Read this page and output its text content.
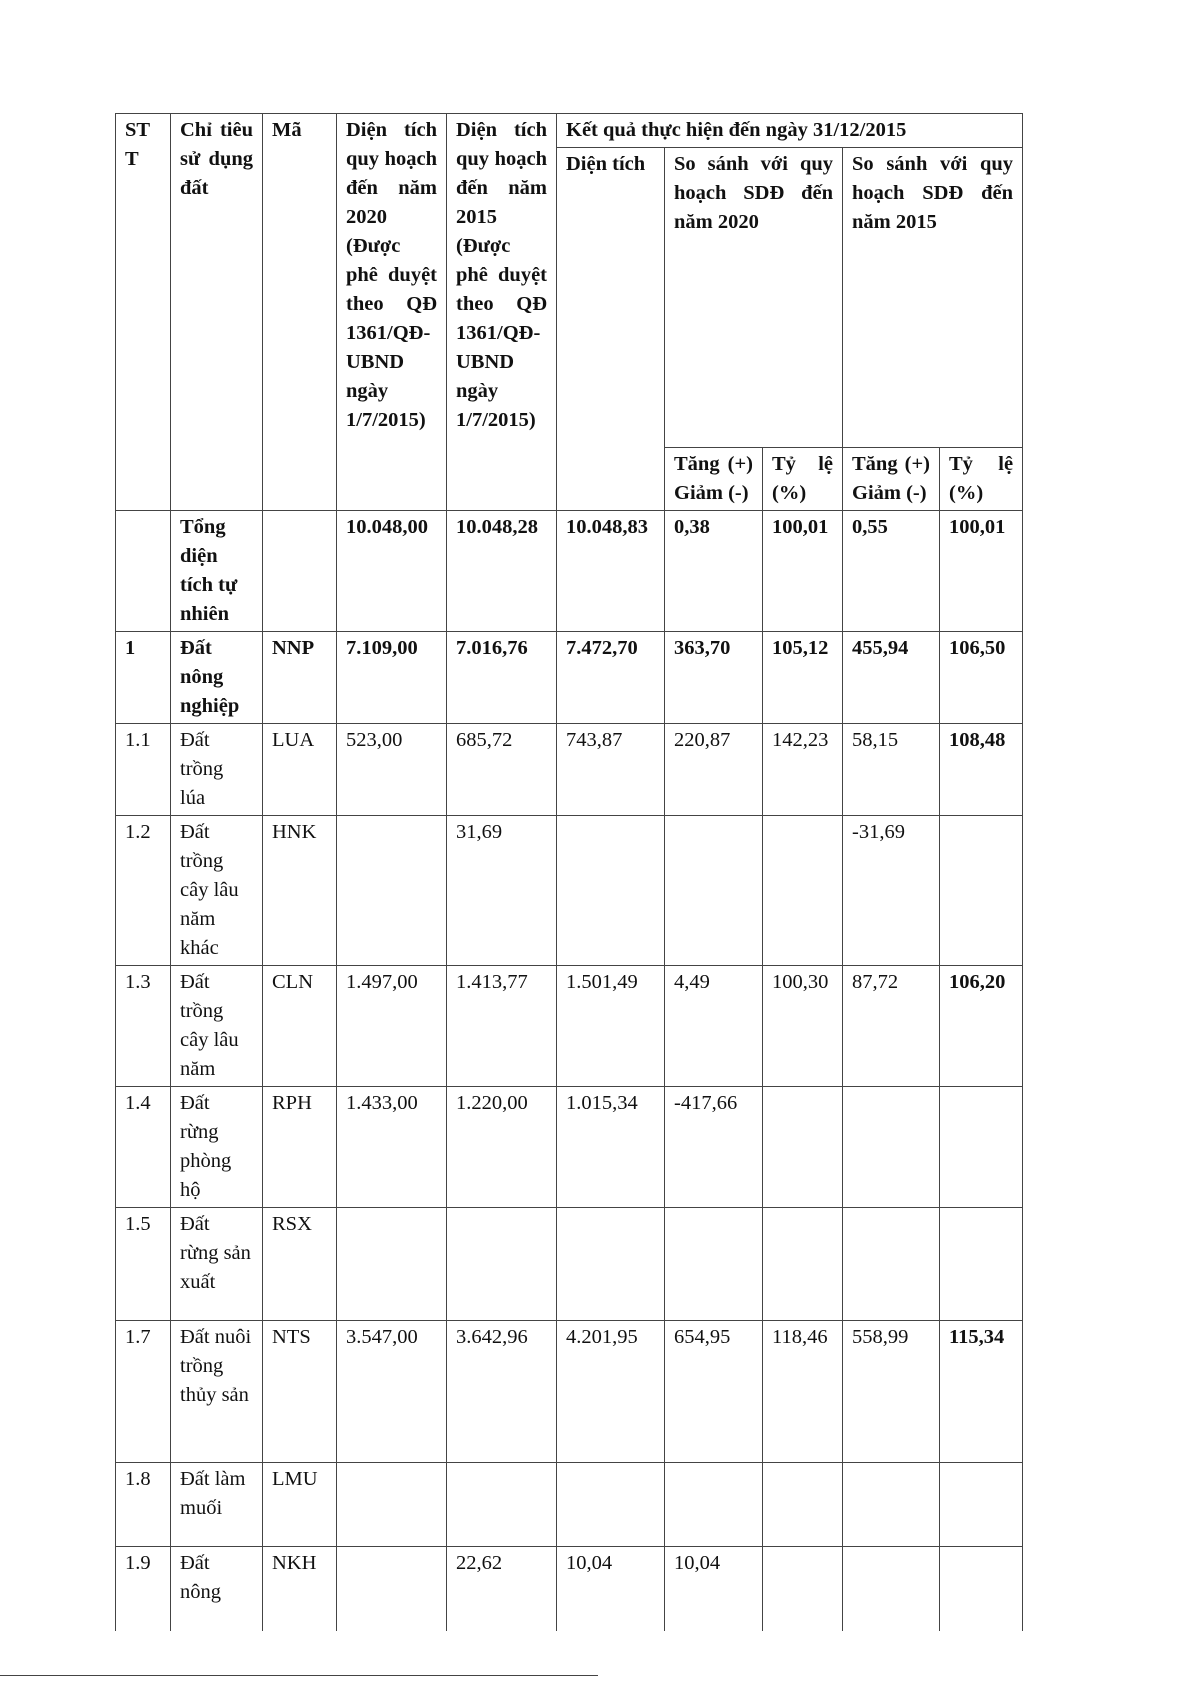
STT	Chỉ tiêu sử dụng đất	Mã	Diện tích quy hoạch đến năm 2020 (Được phê duyệt theo QĐ 1361/QĐ-UBND ngày 1/7/2015)	Diện tích quy hoạch đến năm 2015 (Được phê duyệt theo QĐ 1361/QĐ-UBND ngày 1/7/2015)	Kết quả thực hiện đến ngày 31/12/2015				
					Diện tích	So sánh với quy hoạch SDĐ đến năm 2020		So sánh với quy hoạch SDĐ đến năm 2015	
						Tăng (+) Giảm (-)	Tỷ lệ (%)	Tăng (+) Giảm (-)	Tỷ lệ (%)
	Tổng diện tích tự nhiên		10.048,00	10.048,28	10.048,83	0,38	100,01	0,55	100,01
1	Đất nông nghiệp	NNP	7.109,00	7.016,76	7.472,70	363,70	105,12	455,94	106,50
1.1	Đất trồng lúa	LUA	523,00	685,72	743,87	220,87	142,23	58,15	108,48
1.2	Đất trồng cây lâu năm khác	HNK		31,69				-31,69	
1.3	Đất trồng cây lâu năm	CLN	1.497,00	1.413,77	1.501,49	4,49	100,30	87,72	106,20
1.4	Đất rừng phòng hộ	RPH	1.433,00	1.220,00	1.015,34	-417,66			
1.5	Đất rừng sản xuất	RSX							
1.7	Đất nuôi trồng thủy sản	NTS	3.547,00	3.642,96	4.201,95	654,95	118,46	558,99	115,34
1.8	Đất làm muối	LMU							
1.9	Đất nông	NKH		22,62	10,04	10,04			
